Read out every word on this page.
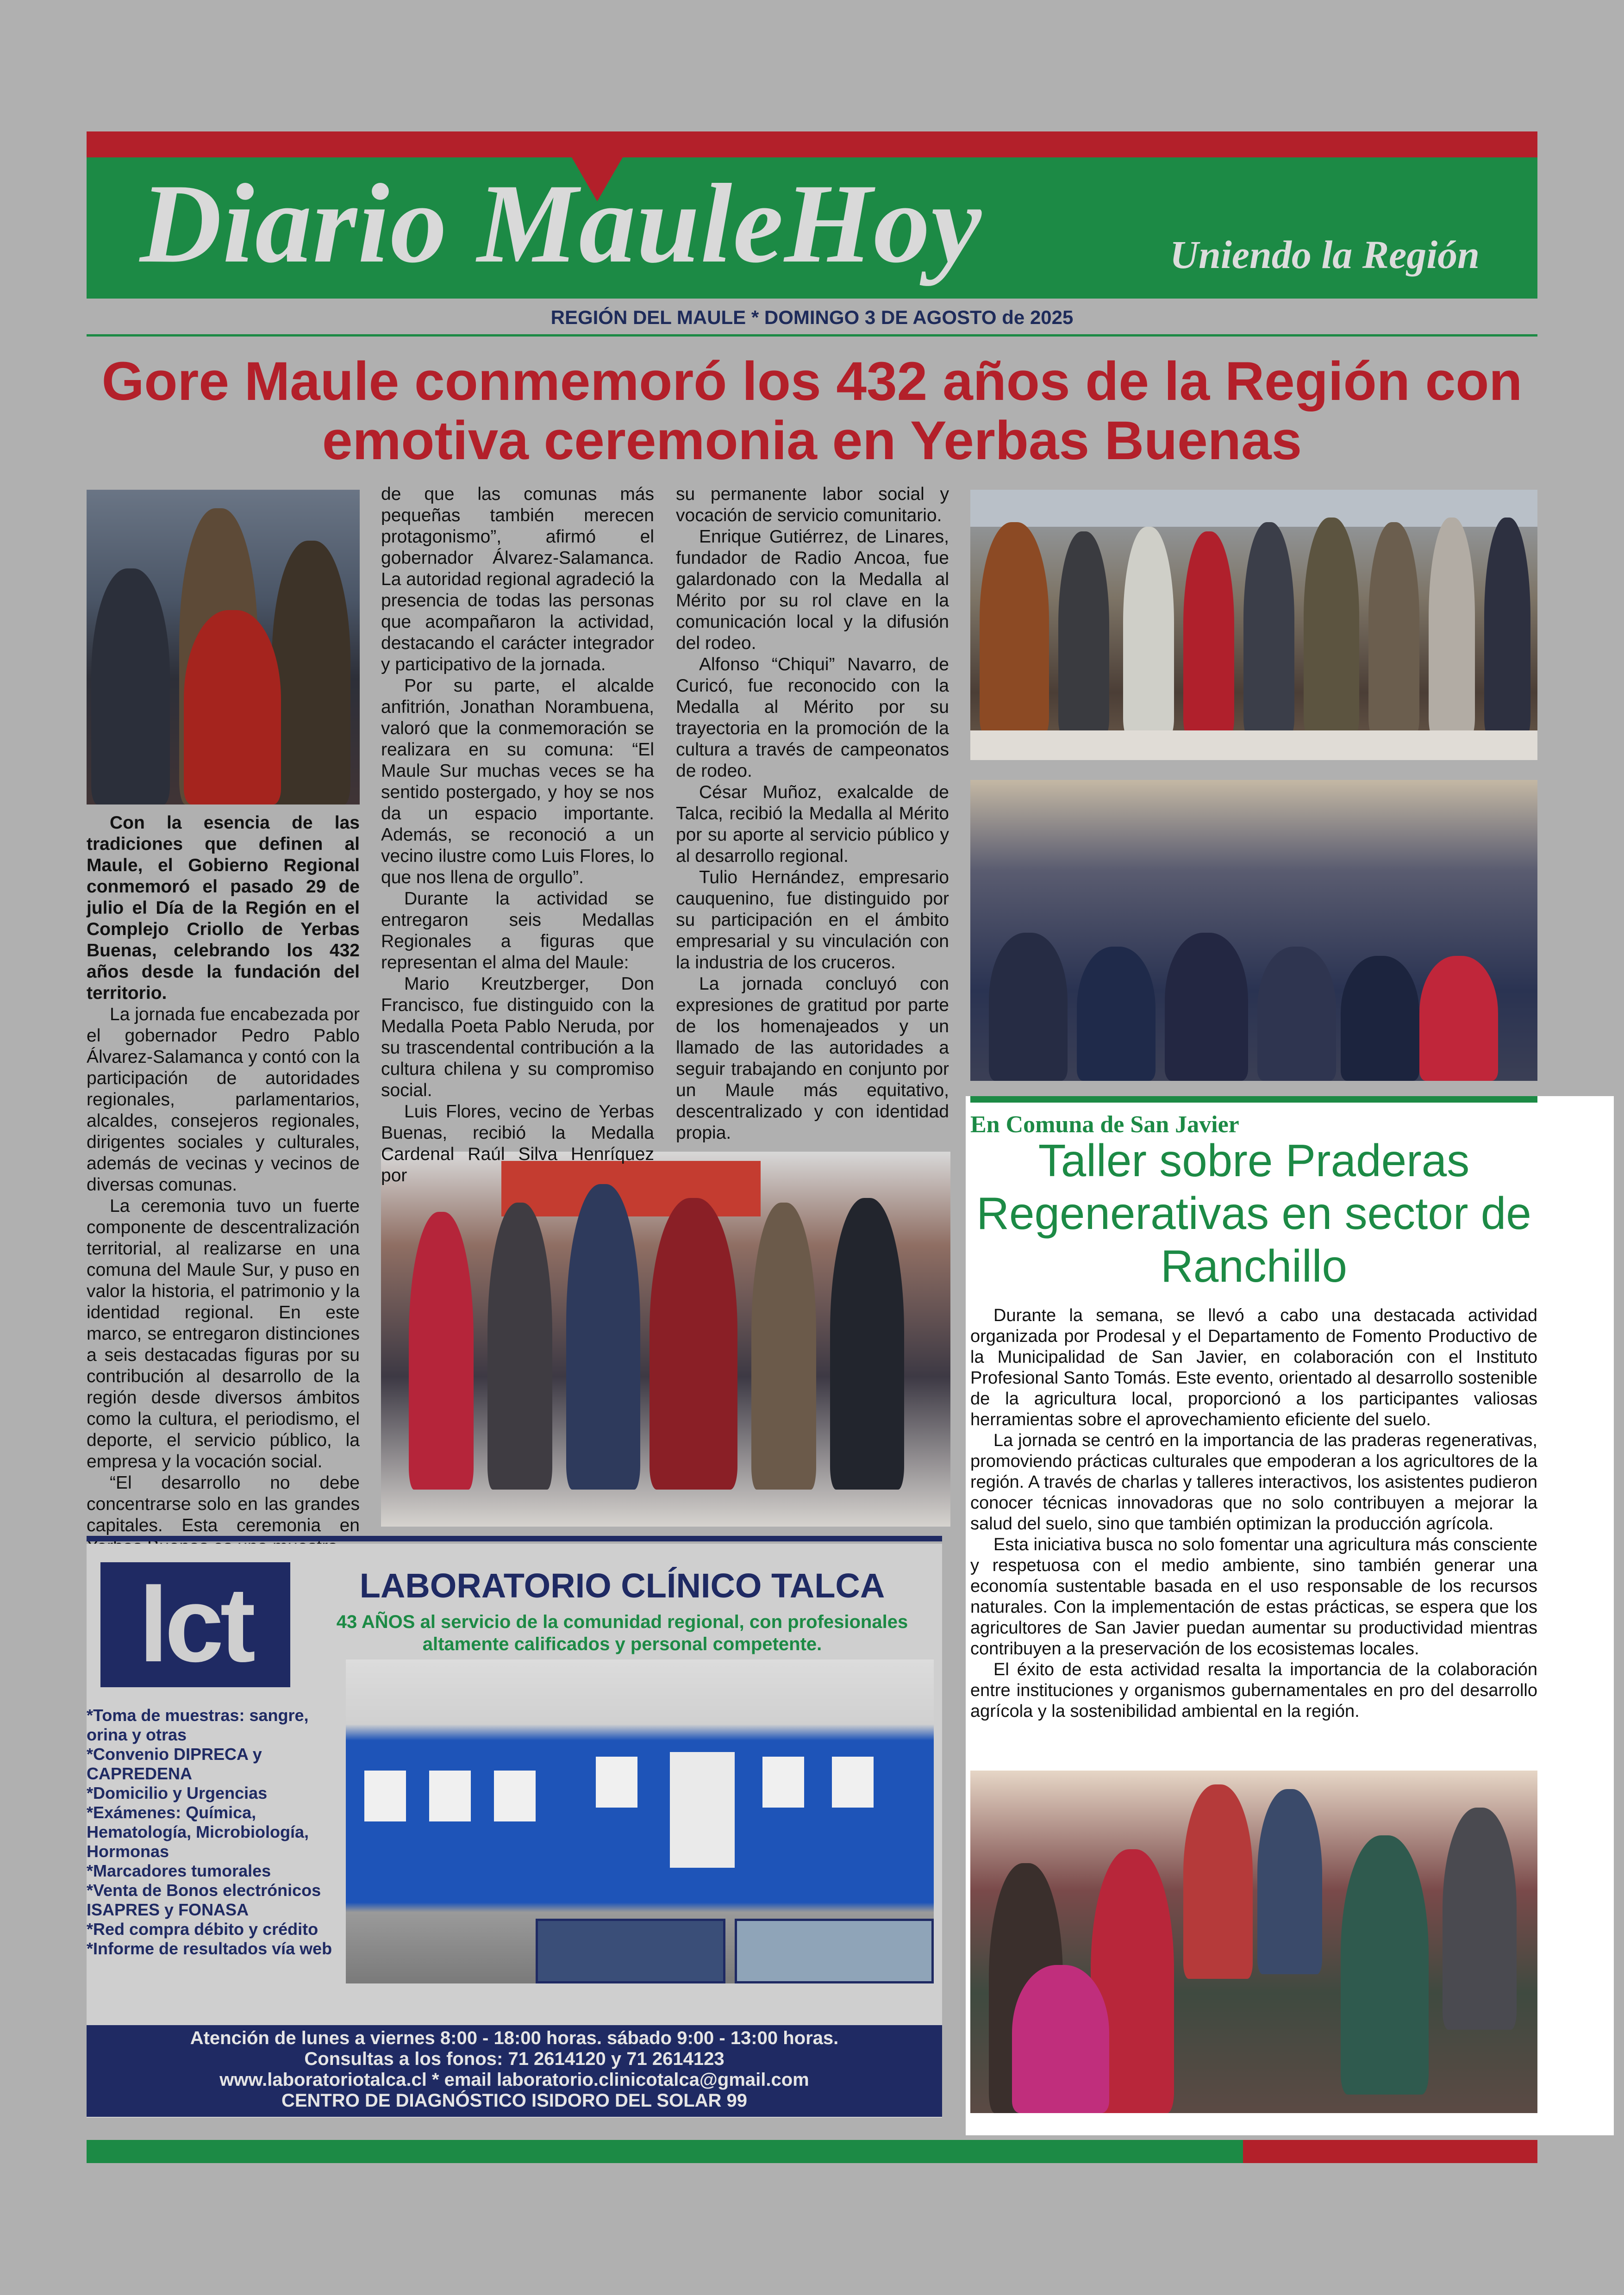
Diario MauleHoy	Uniendo la Región
REGIÓN DEL MAULE * DOMINGO 3 DE AGOSTO de 2025
Gore Maule conmemoró los 432 años de la Región con emotiva ceremonia en Yerbas Buenas

Con la esencia de las tradiciones que definen al Maule, el Gobierno Regional conmemoró el pasado 29 de julio el Día de la Región en el Complejo Criollo de Yerbas Buenas, celebrando los 432 años desde la fundación del territorio.

La jornada fue encabezada por el gobernador Pedro Pablo Álvarez-Salamanca y contó con la participación de autoridades regionales, parlamentarios, alcaldes, consejeros regionales, dirigentes sociales y culturales, además de vecinas y vecinos de diversas comunas.

La ceremonia tuvo un fuerte componente de descentralización territorial, al realizarse en una comuna del Maule Sur, y puso en valor la historia, el patrimonio y la identidad regional. En este marco, se entregaron distinciones a seis destacadas figuras por su contribución al desarrollo de la región desde diversos ámbitos como la cultura, el periodismo, el deporte, el servicio público, la empresa y la vocación social.

“El desarrollo no debe concentrarse solo en las grandes capitales. Esta ceremonia en

de que las comunas más pequeñas también merecen protagonismo”, afirmó el gobernador Álvarez-Salamanca. La autoridad regional agradeció la presencia de todas las personas que acompañaron la actividad, destacando el carácter integrador y participativo de la jornada.

Por su parte, el alcalde anfitrión, Jonathan Norambuena, valoró que la conmemoración se realizara en su comuna: “El Maule Sur muchas veces se ha sentido postergado, y hoy se nos da un espacio importante. Además, se reconoció a un vecino ilustre como Luis Flores, lo que nos llena de orgullo”.

Durante la actividad se entregaron seis Medallas Regionales a figuras que representan el alma del Maule:

Mario Kreutzberger, Don Francisco, fue distinguido con la Medalla Poeta Pablo Neruda, por su trascendental contribución a la cultura chilena y su compromiso social.

Luis Flores, vecino de Yerbas Buenas, recibió la Medalla Cardenal Raúl Silva Henríquez por

su permanente labor social y vocación de servicio comunitario.

Enrique Gutiérrez, de Linares, fundador de Radio Ancoa, fue galardonado con la Medalla al Mérito por su rol clave en la comunicación local y la difusión del rodeo.

Alfonso “Chiqui” Navarro, de Curicó, fue reconocido con la Medalla al Mérito por su trayectoria en la promoción de la cultura a través de campeonatos de rodeo.

César Muñoz, exalcalde de Talca, recibió la Medalla al Mérito por su aporte al servicio público y al desarrollo regional.

Tulio Hernández, empresario cauquenino, fue distinguido por su participación en el ámbito empresarial y su vinculación con la industria de los cruceros.

La jornada concluyó con expresiones de gratitud por parte de los homenajeados y un llamado de las autoridades a seguir trabajando en conjunto por un Maule más equitativo, descentralizado y con identidad propia.	En Comuna de San Javier
Taller sobre Praderas Regenerativas en sector de Ranchillo

Durante la semana, se llevó a cabo una destacada actividad organizada por Prodesal y el Departamento de Fomento Productivo de la Municipalidad de San Javier, en colaboración con el Instituto Profesional Santo Tomás. Este evento, orientado al desarrollo sostenible de la agricultura local, proporcionó a los participantes valiosas herramientas sobre el aprovechamiento eficiente del suelo.

La jornada se centró en la importancia de las praderas regenerativas, promoviendo prácticas culturales que empoderan a los agricultores de la región. A través de charlas y talleres interactivos, los asistentes pudieron conocer técnicas innovadoras que no solo contribuyen a mejorar la salud del suelo, sino que también optimizan la producción agrícola.

Esta iniciativa busca no solo fomentar una agricultura más consciente y respetuosa con el medio ambiente, sino también generar una economía sustentable basada en el uso responsable de los recursos naturales. Con la implementación de estas prácticas, se espera que los agricultores de San Javier puedan aumentar su productividad mientras contribuyen a la preservación de los ecosistemas locales.

El éxito de esta actividad resalta la importancia de la colaboración entre instituciones y organismos gubernamentales en pro del desarrollo agrícola y la sostenibilidad ambiental en la región.

lct	LABORATORIO CLÍNICO TALCA
43 AÑOS al servicio de la comunidad regional, con profesionales altamente calificados y personal competente.
*Toma de muestras: sangre, orina y otras
*Convenio DIPRECA y CAPREDENA
*Domicilio y Urgencias
*Exámenes: Química, Hematología, Microbiología, Hormonas
*Marcadores tumorales
*Venta de Bonos electrónicos ISAPRES y FONASA
*Red compra débito y crédito
*Informe de resultados vía web
Atención de lunes a viernes 8:00 - 18:00 horas. sábado 9:00 - 13:00 horas.
Consultas a los fonos: 71 2614120 y 71 2614123
www.laboratoriotalca.cl * email laboratorio.clinicotalca@gmail.com
CENTRO DE DIAGNÓSTICO ISIDORO DEL SOLAR 99
